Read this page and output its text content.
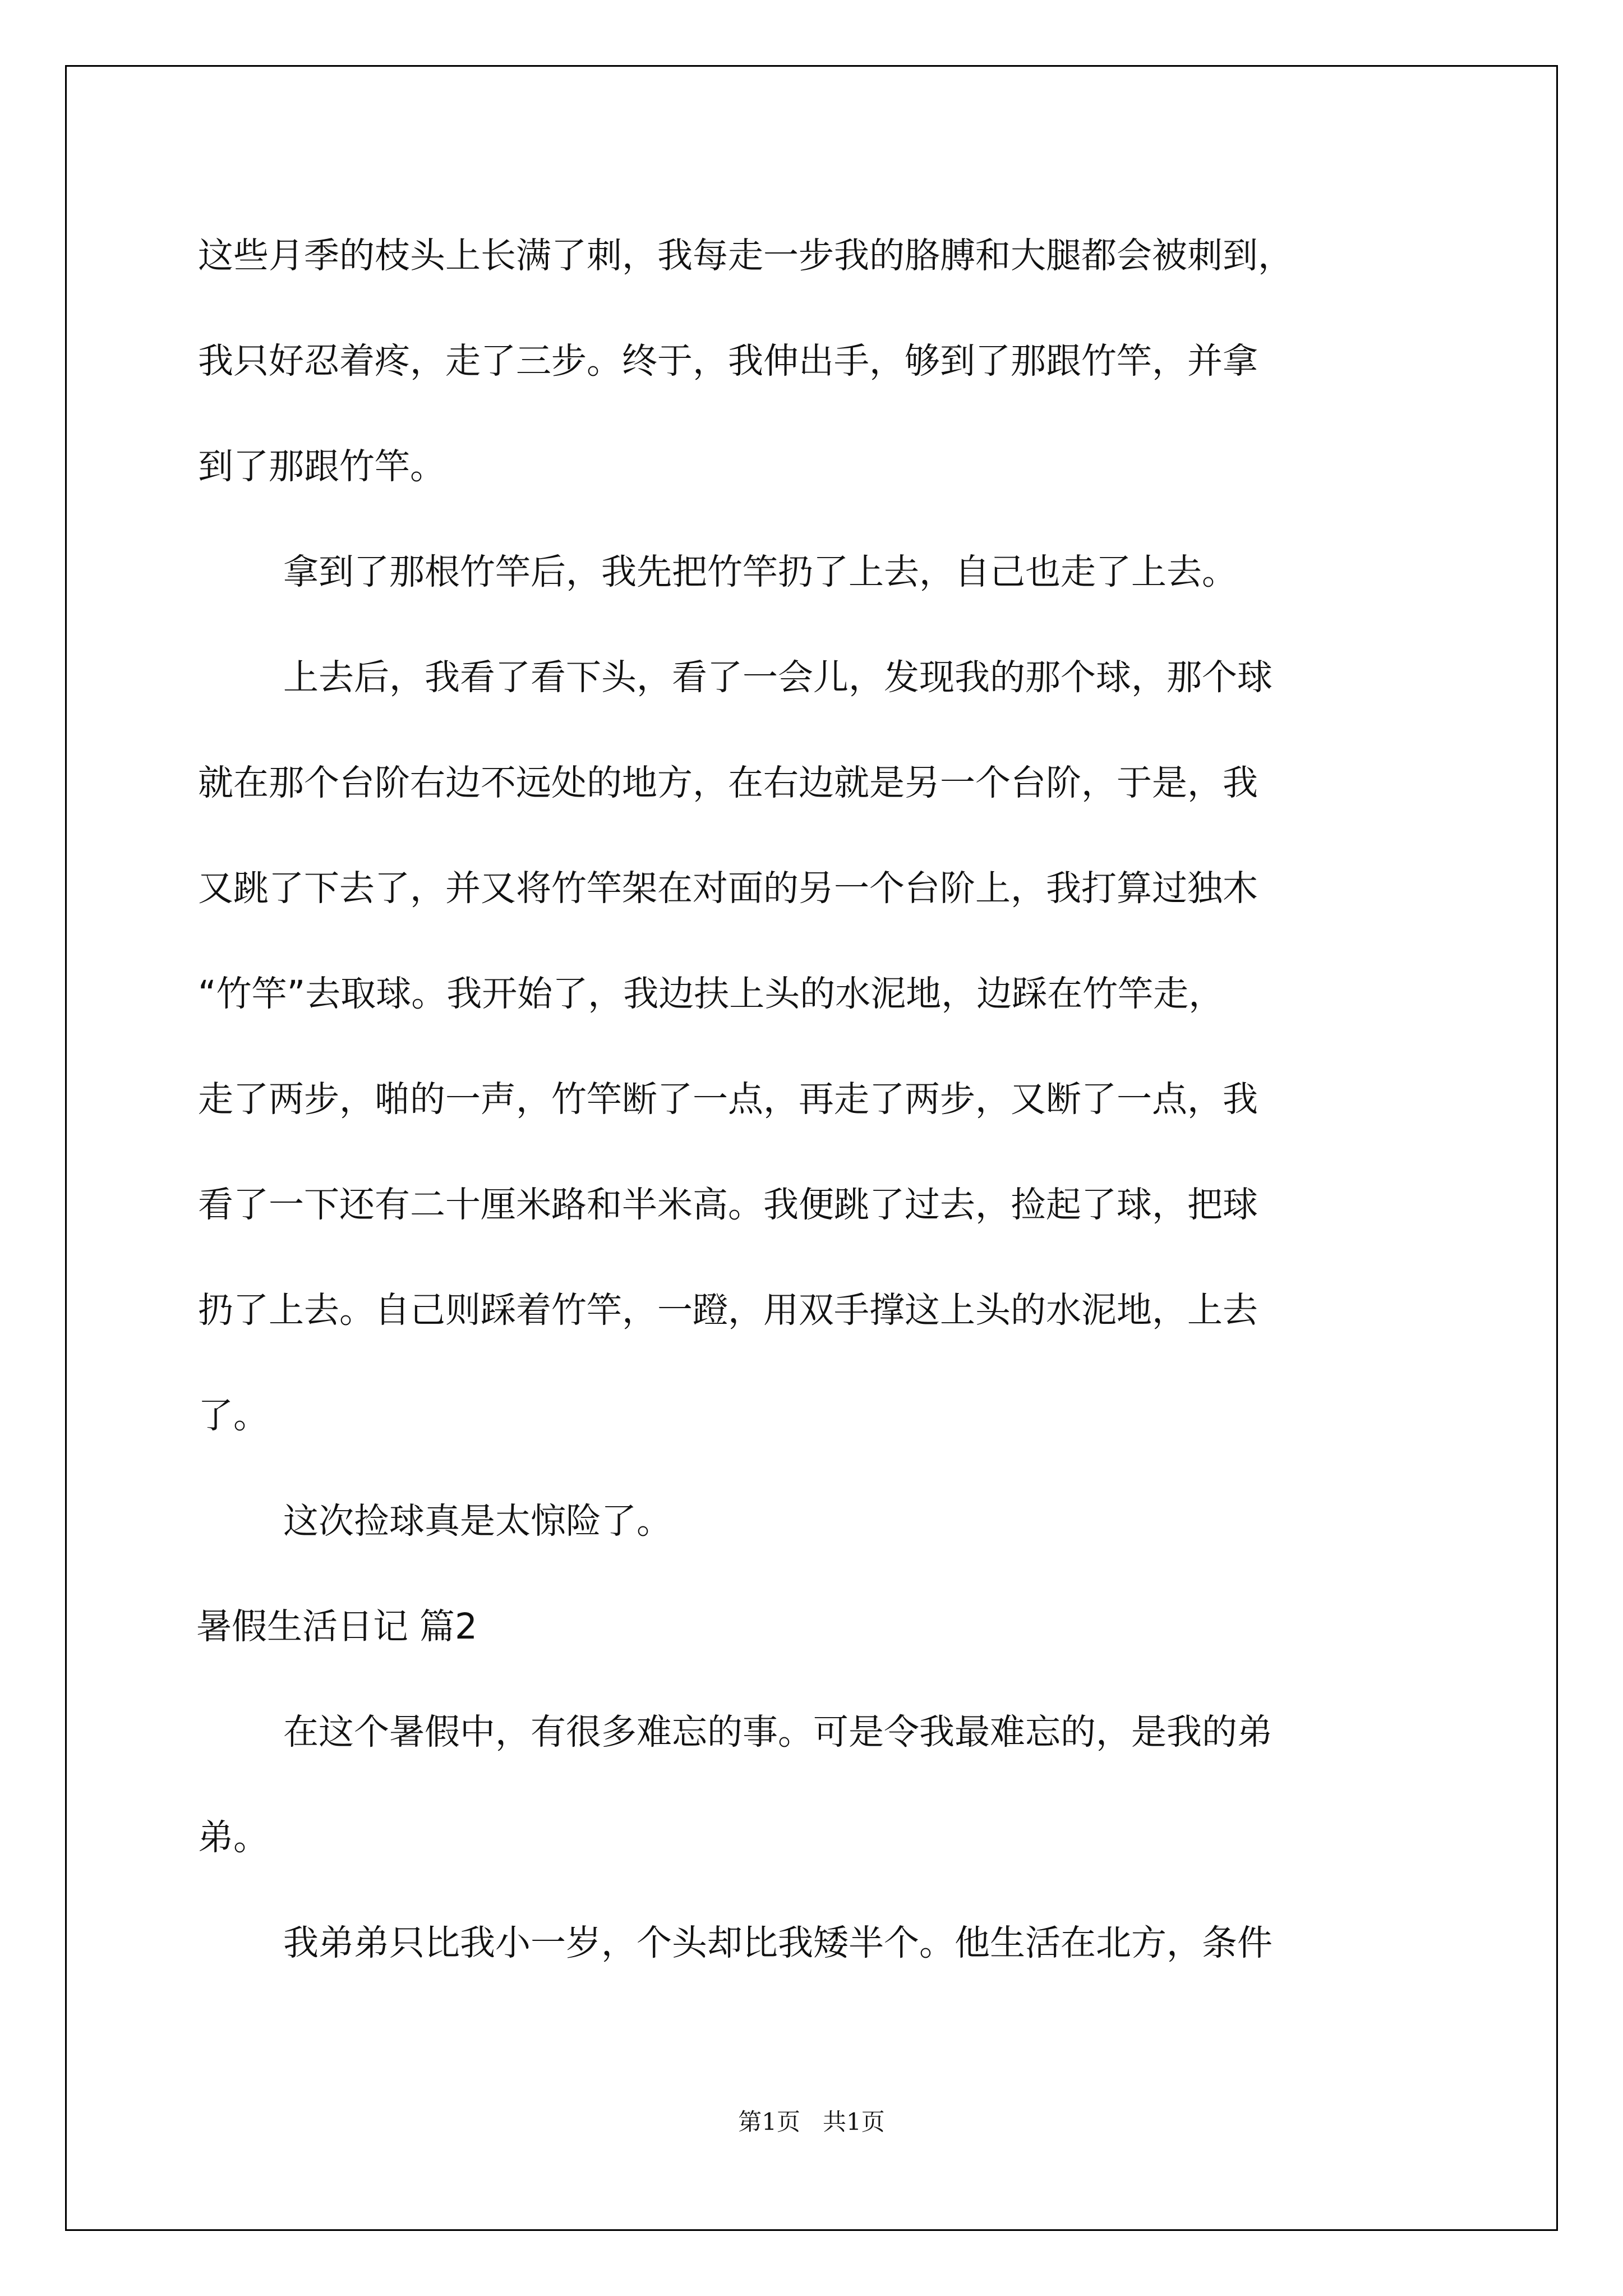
这些月季的枝头上长满了刺，我每走一步我的胳膊和大腿都会被刺到，
我只好忍着疼，走了三步。终于，我伸出手，够到了那跟竹竿，并拿
到了那跟竹竿。
拿到了那根竹竿后，我先把竹竿扔了上去，自己也走了上去。
上去后，我看了看下头，看了一会儿，发现我的那个球，那个球
就在那个台阶右边不远处的地方，在右边就是另一个台阶，于是，我
又跳了下去了，并又将竹竿架在对面的另一个台阶上，我打算过独木
“竹竿”去取球。我开始了，我边扶上头的水泥地，边踩在竹竿走，
走了两步，啪的一声，竹竿断了一点，再走了两步，又断了一点，我
看了一下还有二十厘米路和半米高。我便跳了过去，捡起了球，把球
扔了上去。自己则踩着竹竿，一蹬，用双手撑这上头的水泥地，上去
了。
这次捡球真是太惊险了。
暑假生活日记 篇2
在这个暑假中，有很多难忘的事。可是令我最难忘的，是我的弟
弟。
我弟弟只比我小一岁，个头却比我矮半个。他生活在北方，条件
第1页   共1页
